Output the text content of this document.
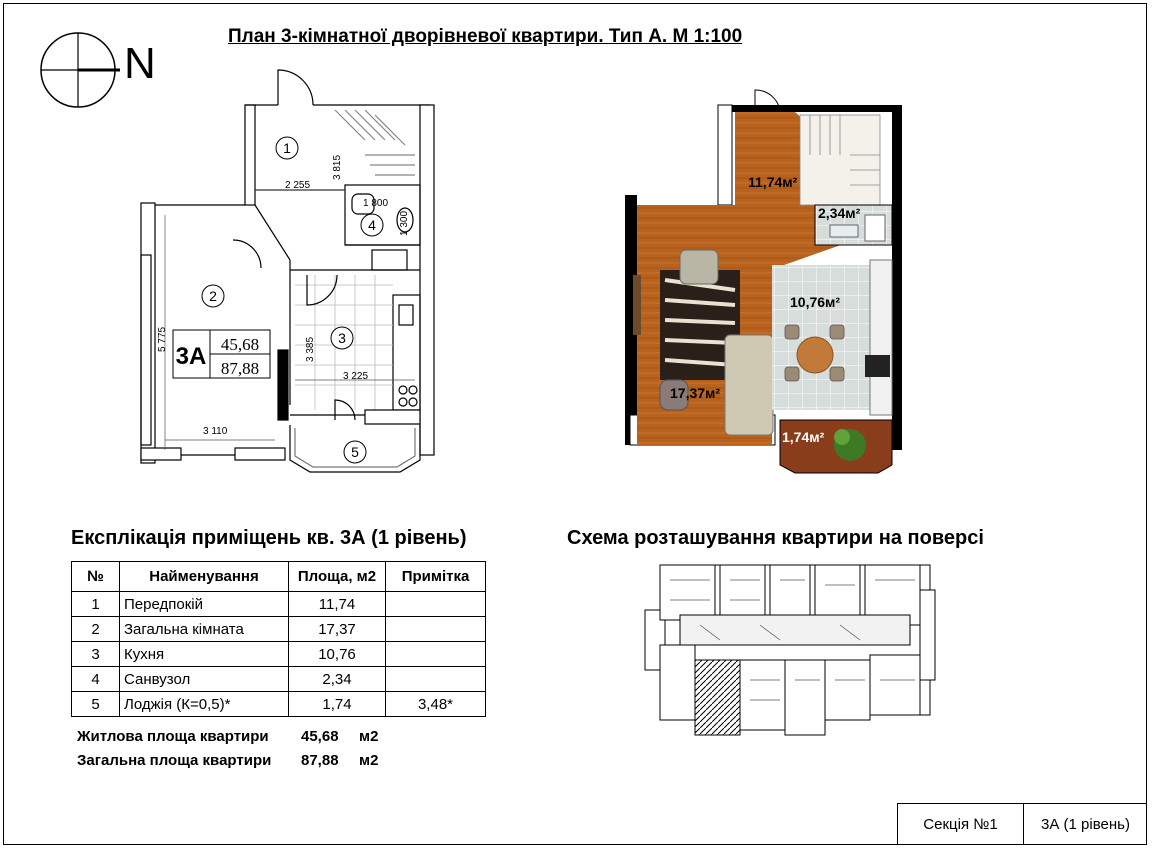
План 3-кімнатної дворівневої квартири. Тип А. М 1:100
N
1
2
3
4
5
2 255
3 815
1 800
1 300
5 775	3 385
3 225
3 110
3А 45,68
87,88
11,74м²
2,34м²
10,76м²
17,37м²
1,74м²
Експлікація приміщень кв. 3А (1 рівень)
№	Найменування	Площа, м2	Примітка
1	Передпокій	11,74	
2	Загальна кімната	17,37	
3	Кухня	10,76	
4	Санвузол	2,34	
5	Лоджія (К=0,5)*	1,74	3,48*
Житлова площа квартири 45,68 м2
Загальна площа квартири 87,88 м2
Схема розташування квартири на поверсі
Секція №1	3А (1 рівень)
